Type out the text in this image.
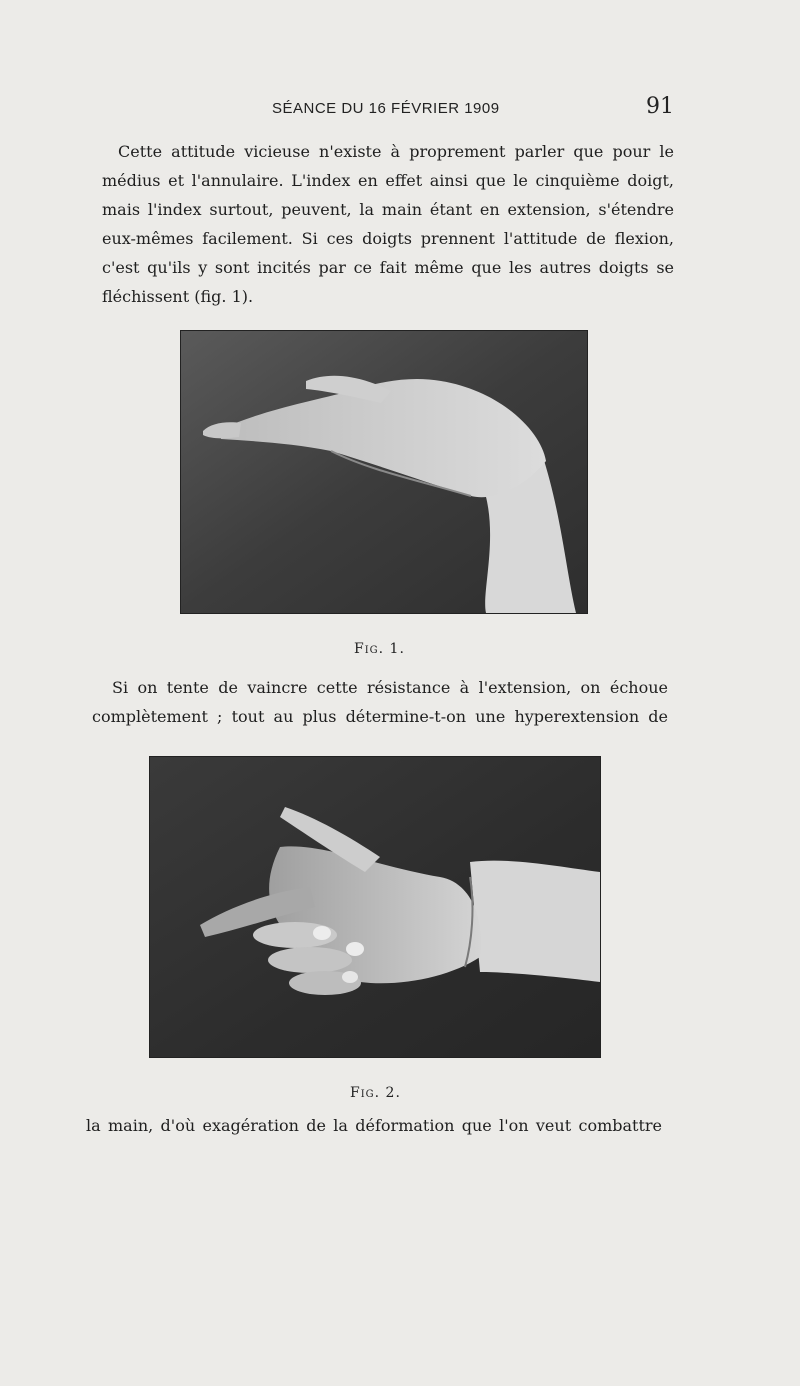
SÉANCE DU 16 FÉVRIER 1909	91
Cette attitude vicieuse n'existe à proprement parler que pour le
médius et l'annulaire. L'index en effet ainsi que le cinquième doigt,
mais l'index surtout, peuvent, la main étant en extension, s'étendre
eux-mêmes facilement. Si ces doigts prennent l'attitude de flexion,
c'est qu'ils y sont incités par ce fait même que les autres doigts se
fléchissent (fig. 1).
Fig. 1.
Si on tente de vaincre cette résistance à l'extension, on échoue
complètement ; tout au plus détermine-t-on une hyperextension de
Fig. 2.
la main, d'où exagération de la déformation que l'on veut combattre
